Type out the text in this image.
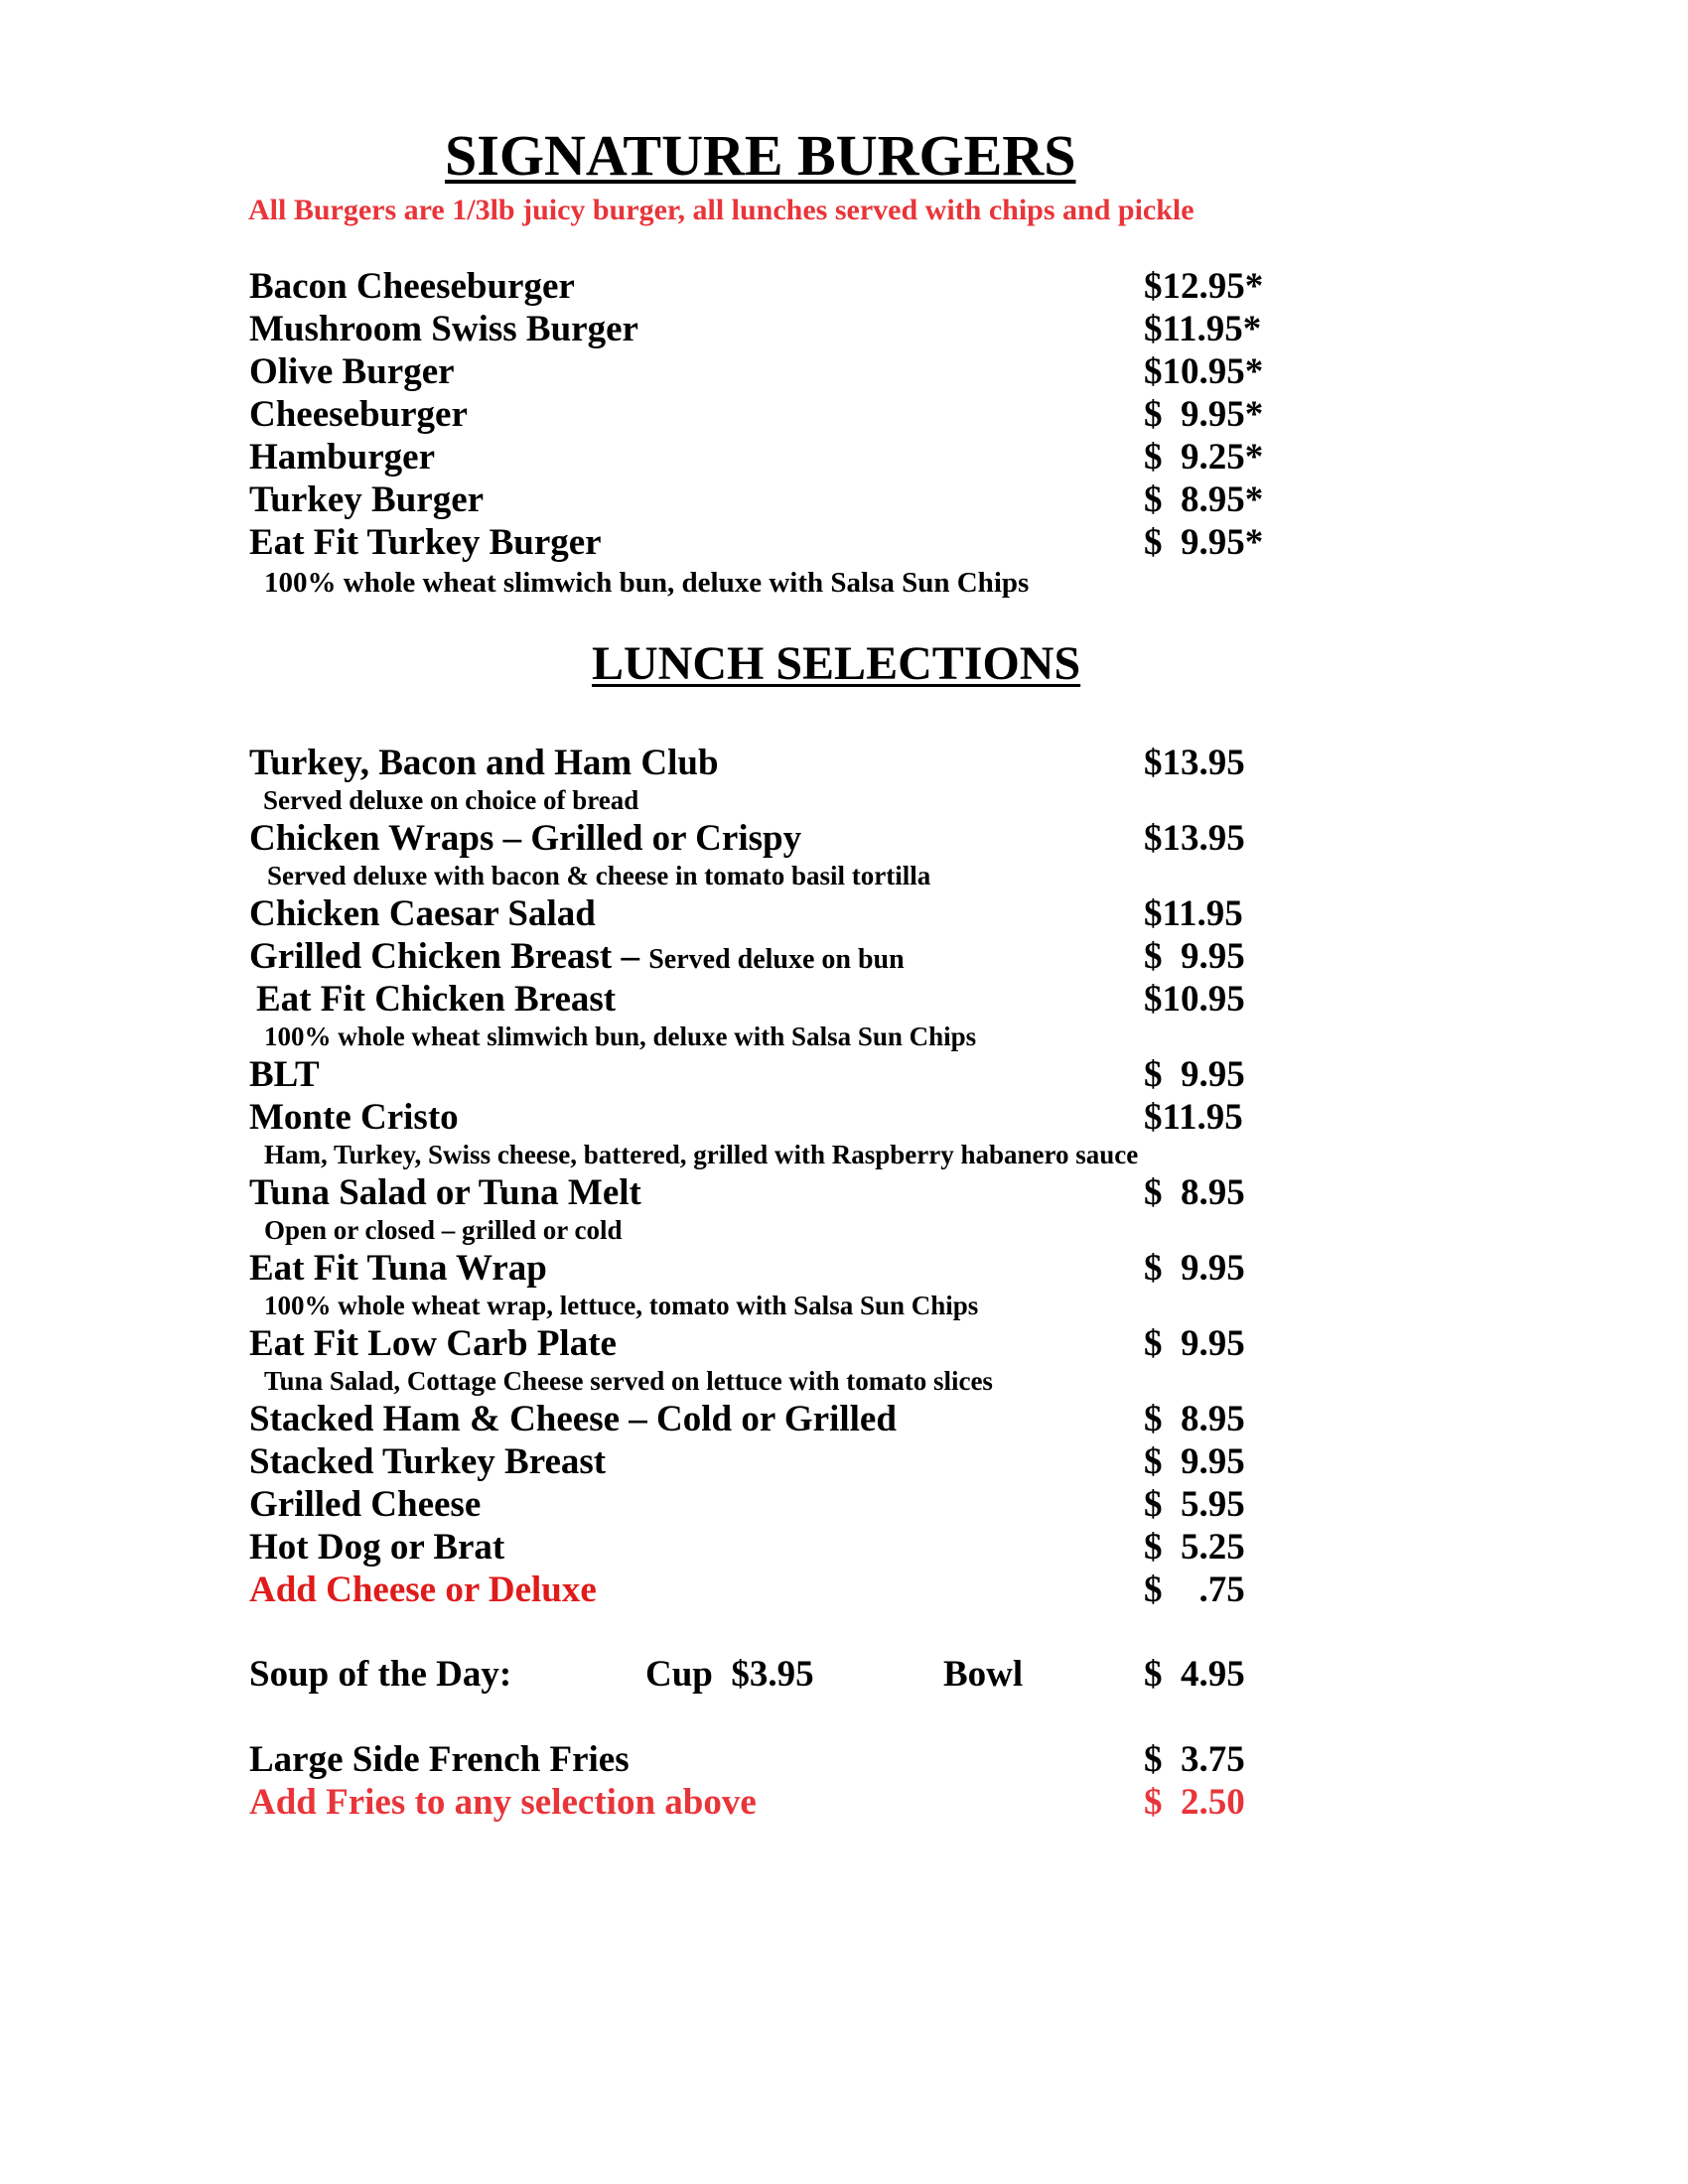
SIGNATURE BURGERS
All Burgers are 1/3lb juicy burger, all lunches served with chips and pickle
Bacon Cheeseburger	$12.95*
Mushroom Swiss Burger	$11.95*
Olive Burger	$10.95*
Cheeseburger	$  9.95*
Hamburger	$  9.25*
Turkey Burger	$  8.95*
Eat Fit Turkey Burger	$  9.95*
100% whole wheat slimwich bun, deluxe with Salsa Sun Chips
LUNCH SELECTIONS
Turkey, Bacon and Ham Club	$13.95
Served deluxe on choice of bread
Chicken Wraps – Grilled or Crispy	$13.95
Served deluxe with bacon & cheese in tomato basil tortilla
Chicken Caesar Salad	$11.95
Grilled Chicken Breast – Served deluxe on bun	$  9.95
Eat Fit Chicken Breast	$10.95
100% whole wheat slimwich bun, deluxe with Salsa Sun Chips
BLT	$  9.95
Monte Cristo	$11.95
Ham, Turkey, Swiss cheese, battered, grilled with Raspberry habanero sauce
Tuna Salad or Tuna Melt	$  8.95
Open or closed – grilled or cold
Eat Fit Tuna Wrap	$  9.95
100% whole wheat wrap, lettuce, tomato with Salsa Sun Chips
Eat Fit Low Carb Plate	$  9.95
Tuna Salad, Cottage Cheese served on lettuce with tomato slices
Stacked Ham & Cheese – Cold or Grilled	$  8.95
Stacked Turkey Breast	$  9.95
Grilled Cheese	$  5.95
Hot Dog or Brat	$  5.25
Add Cheese or Deluxe	$    .75
Soup of the Day:	Cup  $3.95	Bowl	$  4.95
Large Side French Fries	$  3.75
Add Fries to any selection above	$  2.50
